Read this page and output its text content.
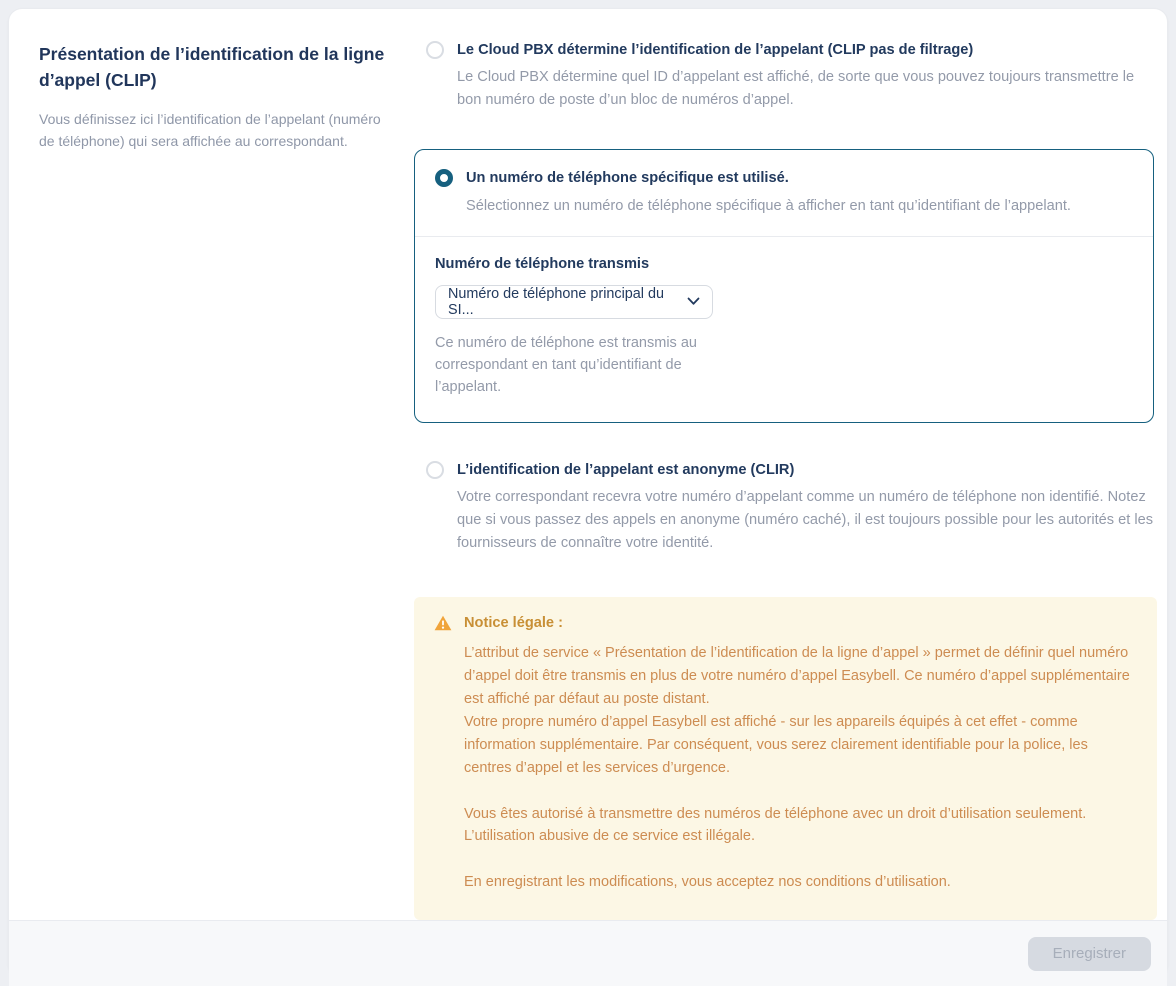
Présentation de l’identification de la ligne d’appel (CLIP)

Vous définissez ici l’identification de l’appelant (numéro de téléphone) qui sera affichée au correspondant.

Le Cloud PBX détermine l’identification de l’appelant (CLIP pas de filtrage)
Le Cloud PBX détermine quel ID d’appelant est affiché, de sorte que vous pouvez toujours transmettre le bon numéro de poste d’un bloc de numéros d’appel.
Un numéro de téléphone spécifique est utilisé.
Sélectionnez un numéro de téléphone spécifique à afficher en tant qu’identifiant de l’appelant.
Numéro de téléphone transmis
Numéro de téléphone principal du SI...
Ce numéro de téléphone est transmis au correspondant en tant qu’identifiant de l’appelant.
L’identification de l’appelant est anonyme (CLIR)
Votre correspondant recevra votre numéro d’appelant comme un numéro de téléphone non identifié. Notez que si vous passez des appels en anonyme (numéro caché), il est toujours possible pour les autorités et les fournisseurs de connaître votre identité.
Notice légale :

L’attribut de service « Présentation de l’identification de la ligne d’appel » permet de définir quel numéro d’appel doit être transmis en plus de votre numéro d’appel Easybell. Ce numéro d’appel supplémentaire est affiché par défaut au poste distant.

Votre propre numéro d’appel Easybell est affiché - sur les appareils équipés à cet effet - comme information supplémentaire. Par conséquent, vous serez clairement identifiable pour la police, les centres d’appel et les services d’urgence.

Vous êtes autorisé à transmettre des numéros de téléphone avec un droit d’utilisation seulement. L’utilisation abusive de ce service est illégale.

En enregistrant les modifications, vous acceptez nos conditions d’utilisation.

Enregistrer
